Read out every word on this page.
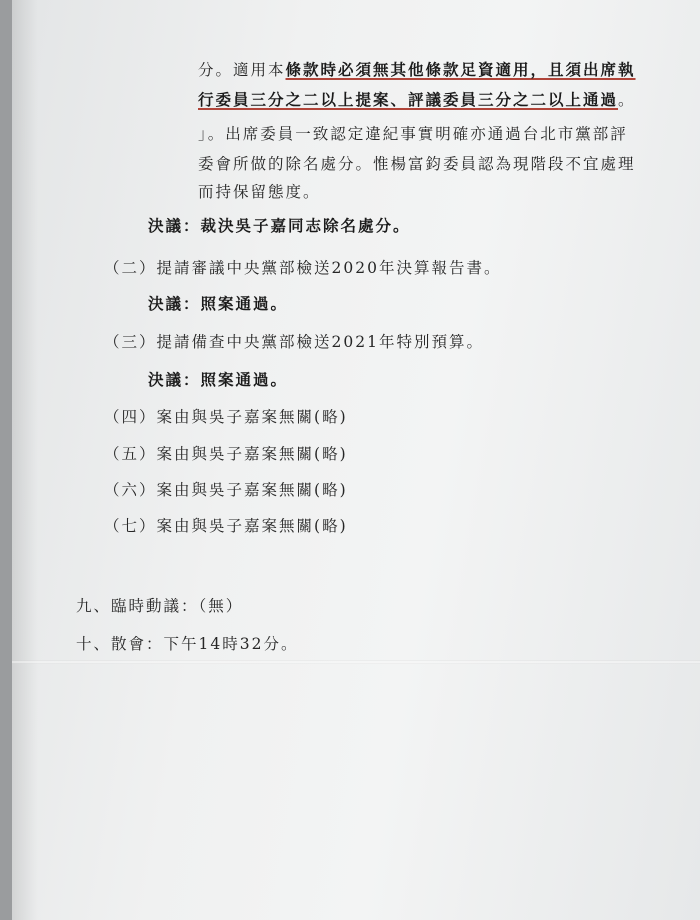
分。適用本條款時必須無其他條款足資適用，且須出席執
行委員三分之二以上提案、評議委員三分之二以上通過。
」。出席委員一致認定違紀事實明確亦通過台北市黨部評
委會所做的除名處分。惟楊富鈞委員認為現階段不宜處理
而持保留態度。
決議：裁決吳子嘉同志除名處分。
（二）提請審議中央黨部檢送2020年決算報告書。
決議：照案通過。
（三）提請備查中央黨部檢送2021年特別預算。
決議：照案通過。
（四）案由與吳子嘉案無關(略)
（五）案由與吳子嘉案無關(略)
（六）案由與吳子嘉案無關(略)
（七）案由與吳子嘉案無關(略)
九、臨時動議：（無）
十、散會：下午14時32分。
